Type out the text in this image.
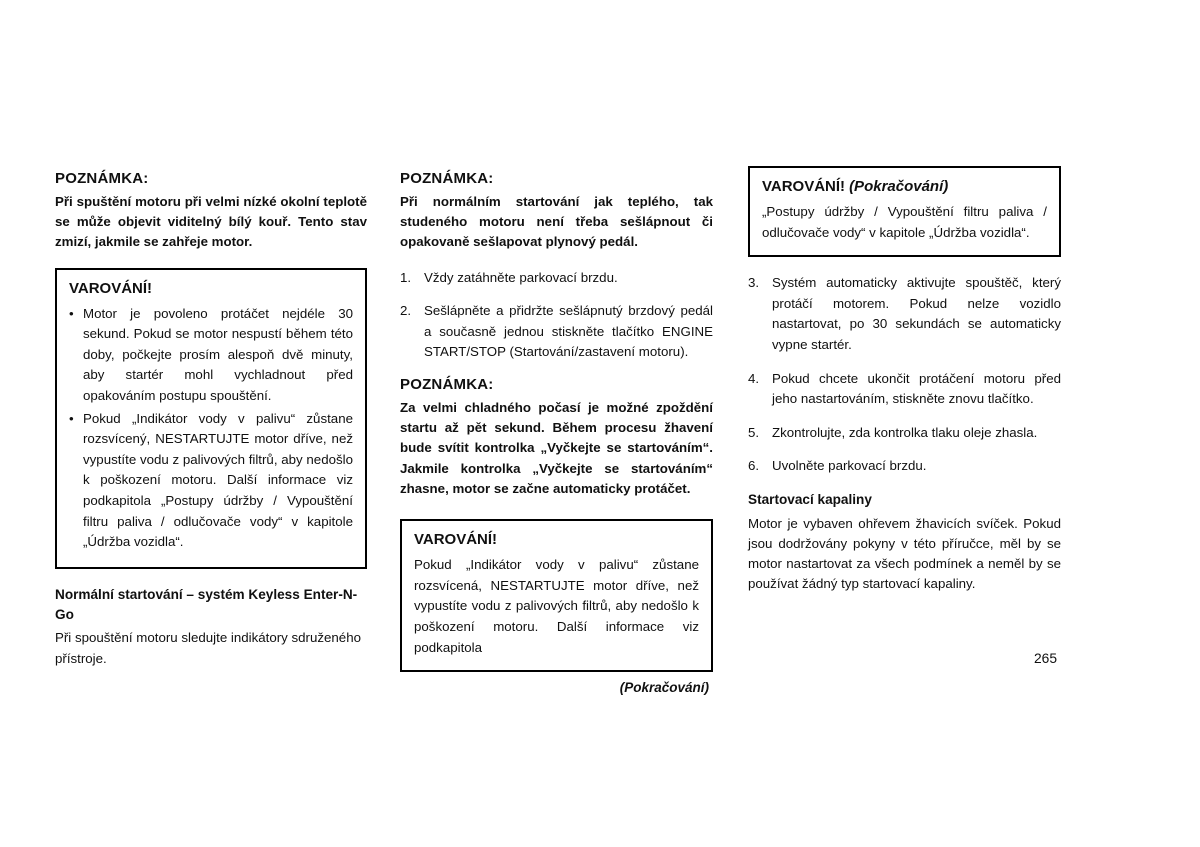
POZNÁMKA:
Při spuštění motoru při velmi nízké okolní teplotě se může objevit viditelný bílý kouř. Tento stav zmizí, jakmile se zahřeje motor.
VAROVÁNÍ!
• Motor je povoleno protáčet nejdéle 30 sekund. Pokud se motor nespustí během této doby, počkejte prosím alespoň dvě minuty, aby startér mohl vychladnout před opakováním postupu spouštění.
• Pokud „Indikátor vody v palivu“ zůstane rozsvícený, NESTARTUJTE motor dříve, než vypustíte vodu z palivových filtrů, aby nedošlo k poškození motoru. Další informace viz podkapitola „Postupy údržby / Vypouštění filtru paliva / odlučovače vody“ v kapitole „Údržba vozidla“.
Normální startování – systém Keyless Enter-N-Go
Při spouštění motoru sledujte indikátory sdruženého přístroje.
POZNÁMKA:
Při normálním startování jak teplého, tak studeného motoru není třeba sešlápnout či opakovaně sešlapovat plynový pedál.
1. Vždy zatáhněte parkovací brzdu.
2. Sešlápněte a přidržte sešlápnutý brzdový pedál a současně jednou stiskněte tlačítko ENGINE START/STOP (Startování/zastavení motoru).
POZNÁMKA:
Za velmi chladného počasí je možné zpoždění startu až pět sekund. Během procesu žhavení bude svítit kontrolka „Vyčkejte se startováním“. Jakmile kontrolka „Vyčkejte se startováním“ zhasne, motor se začne automaticky protáčet.
VAROVÁNÍ!
Pokud „Indikátor vody v palivu“ zůstane rozsvícená, NESTARTUJTE motor dříve, než vypustíte vodu z palivových filtrů, aby nedošlo k poškození motoru. Další informace viz podkapitola
(Pokračování)
VAROVÁNÍ! (Pokračování)
„Postupy údržby / Vypouštění filtru paliva / odlučovače vody“ v kapitole „Údržba vozidla“.
3. Systém automaticky aktivujte spouštěč, který protáčí motorem. Pokud nelze vozidlo nastartovat, po 30 sekundách se automaticky vypne startér.
4. Pokud chcete ukončit protáčení motoru před jeho nastartováním, stiskněte znovu tlačítko.
5. Zkontrolujte, zda kontrolka tlaku oleje zhasla.
6. Uvolněte parkovací brzdu.
Startovací kapaliny
Motor je vybaven ohřevem žhavicích svíček. Pokud jsou dodržovány pokyny v této příručce, měl by se motor nastartovat za všech podmínek a neměl by se používat žádný typ startovací kapaliny.
265
